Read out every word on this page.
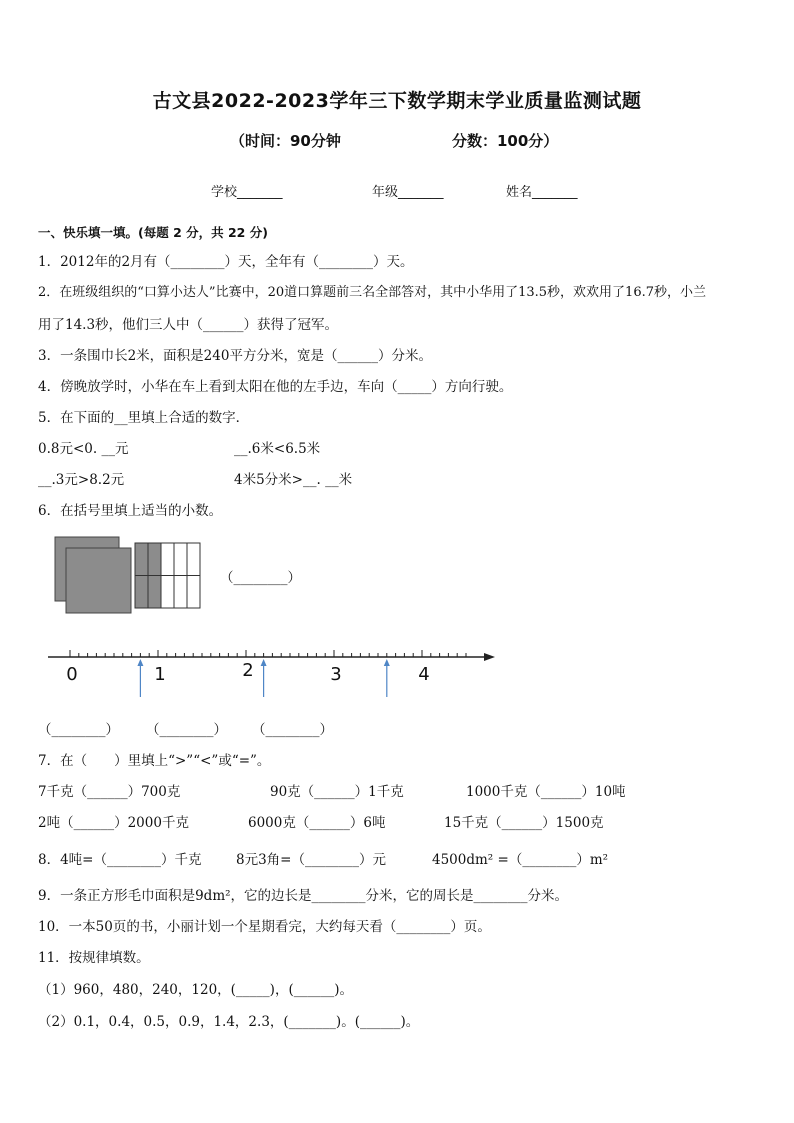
古文县2022-2023学年三下数学期末学业质量监测试题
（时间：90分钟	分数：100分）
学校_______	年级_______	姓名_______
一、快乐填一填。(每题 2 分，共 22 分)
1．2012年的2月有（________）天，全年有（________）天。
2．在班级组织的“口算小达人”比赛中，20道口算题前三名全部答对，其中小华用了13.5秒，欢欢用了16.7秒，小兰
用了14.3秒，他们三人中（______）获得了冠军。
3．一条围巾长2米，面积是240平方分米，宽是（______）分米。
4．傍晚放学时，小华在车上看到太阳在他的左手边，车向（_____）方向行驶。
5．在下面的__里填上合适的数字．
0.8元<0. __元	__.6米<6.5米
__.3元>8.2元	4米5分米>__. __米
6．在括号里填上适当的小数。
（________）
0	1	2	3	4
（________） （________） （________）
7．在（　　）里填上“>”“<”或“=”。
7千克（______）700克	90克（______）1千克	1000千克（______）10吨
2吨（______）2000千克	6000克（______）6吨	15千克（______）1500克
8．4吨=（________）千克	8元3角=（________）元	4500dm² =（________）m²
9．一条正方形毛巾面积是9dm²，它的边长是________分米，它的周长是________分米。
10．一本50页的书，小丽计划一个星期看完，大约每天看（________）页。
11．按规律填数。
（1）960，480，240，120，(_____)，(______)。
（2）0.1，0.4，0.5，0.9，1.4，2.3，(_______)。(______)。
